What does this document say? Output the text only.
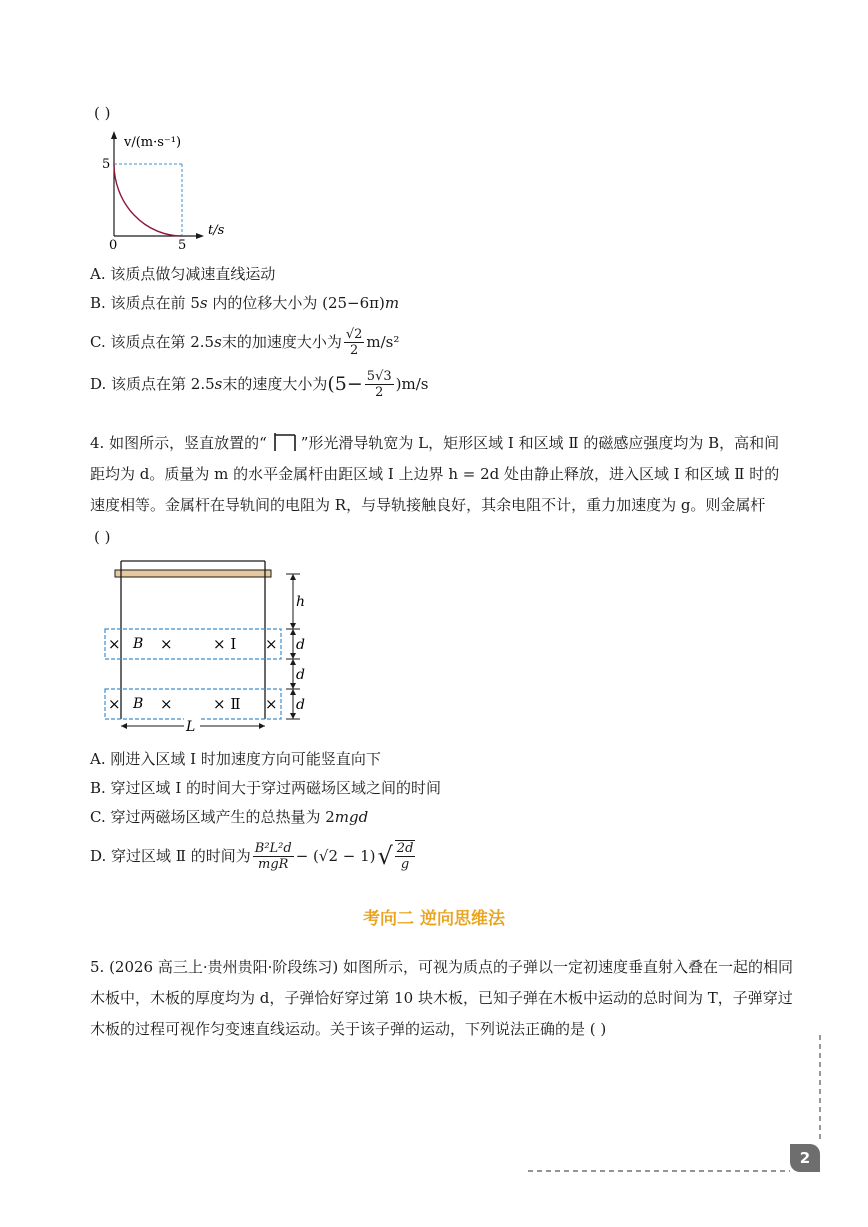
( )
v/(m·s⁻¹)
t/s
5
5
0
A. 该质点做匀减速直线运动
B. 该质点在前 5s 内的位移大小为 (25−6π)m
C. 该质点在第 2.5 s 末的加速度大小为 $\frac{√2}{2} m/s^2$
D. 该质点在第 2.5 s 末的速度大小为 $(5- \frac{5√3}{2} )m/s$
4. 如图所示，竖直放置的“ ”形光滑导轨宽为 L，矩形区域 Ⅰ 和区域 Ⅱ 的磁感应强度均为 B，高和间
距均为 d。质量为 m 的水平金属杆由距区域 Ⅰ 上边界 h = 2d 处由静止释放，进入区域 Ⅰ 和区域 Ⅱ 时的
速度相等。金属杆在导轨间的电阻为 R，与导轨接触良好，其余电阻不计，重力加速度为 g。则金属杆
( )
× B ×	× Ⅰ ×
× B ×	× Ⅱ ×
h
d
d
d
L
A. 刚进入区域 Ⅰ 时加速度方向可能竖直向下
B. 穿过区域 Ⅰ 的时间大于穿过两磁场区域之间的时间
C. 穿过两磁场区域产生的总热量为 2mgd
D. 穿过区域 Ⅱ 的时间为 $\frac{\text{B²L²d}}{\text{mgR}} - (√2 - 1)$ √ $\frac{2d}{g}$
考向二 逆向思维法
5. (2026 高三上·贵州贵阳·阶段练习) 如图所示，可视为质点的子弹以一定初速度垂直射入叠在一起的相同
木板中，木板的厚度均为 d，子弹恰好穿过第 10 块木板，已知子弹在木板中运动的总时间为 T，子弹穿过
木板的过程可视作匀变速直线运动。关于该子弹的运动，下列说法正确的是 ( )
2
